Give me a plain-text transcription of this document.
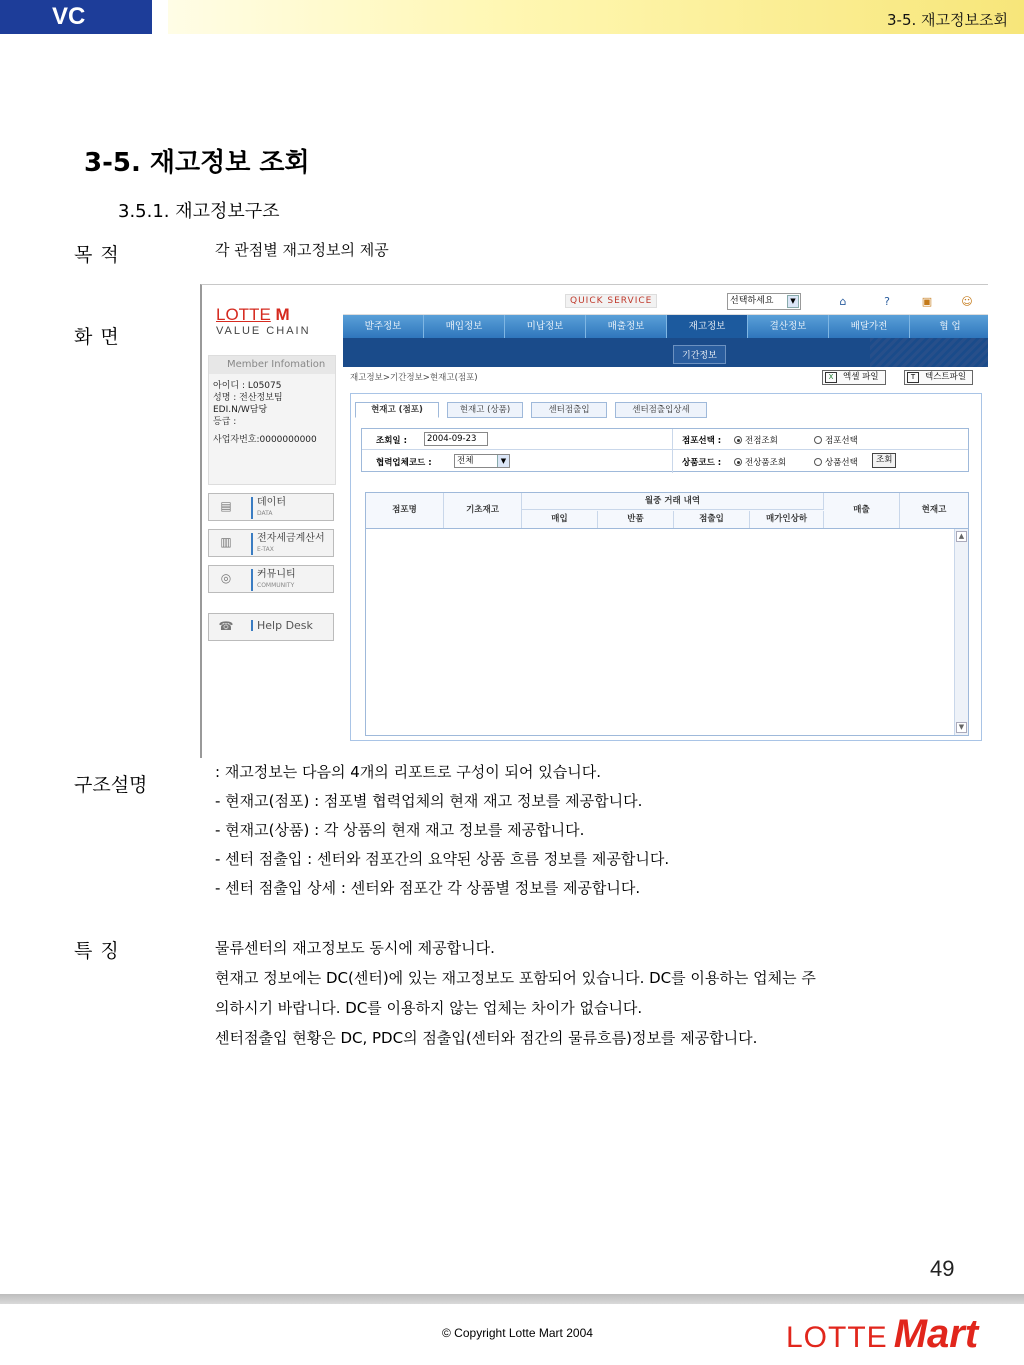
VC	3-5. 재고정보조회
3-5. 재고정보 조회
3.5.1. 재고정보구조
목 적	각 관점별 재고정보의 제공
화 면
LOTTE M
VALUE CHAIN
QUICK SERVICE	선택하세요	▼	⌂	?	▣	☺
발주정보	매입정보	미납정보	매출정보	재고정보	결산정보	배달가전	협 업
기간정보
Member Infomation
아이디 : L05075
성명 : 전산정보팀
EDI.N/W담당
등급 :
사업자번호:0000000000
▤	데이터
DATA
▥	전자세금계산서
E-TAX
◎	커뮤니티
COMMUNITY
☎	Help Desk
재고정보>기간정보>현재고(점포)	X	엑셀 파일	T	텍스트파일
현재고 (점포)	현재고 (상품)	센터점출입	센터점출입상세
조회일 :	2004-09-23	점포선택 :	전점조회	점포선택
협력업체코드 :	전체	▼	상품코드 :	전상품조회	상품선택	조회
점포명	기초재고
월중 거래 내역
매입	반품	점출입	매가인상하
매출	현재고
▲
▼
구조설명
: 재고정보는 다음의 4개의 리포트로 구성이 되어 있습니다.
- 현재고(점포) : 점포별 협력업체의 현재 재고 정보를 제공합니다.
- 현재고(상품) : 각 상품의 현재 재고 정보를 제공합니다.
- 센터 점출입 : 센터와 점포간의 요약된 상품 흐름 정보를 제공합니다.
- 센터 점출입 상세 : 센터와 점포간 각 상품별 정보를 제공합니다.
특 징	물류센터의 재고정보도 동시에 제공합니다.
현재고 정보에는 DC(센터)에 있는 재고정보도 포함되어 있습니다. DC를 이용하는 업체는 주
의하시기 바랍니다. DC를 이용하지 않는 업체는 차이가 없습니다.
센터점출입 현황은 DC, PDC의 점출입(센터와 점간의 물류흐름)정보를 제공합니다.
49
© Copyright Lotte Mart 2004	LOTTE Mart
